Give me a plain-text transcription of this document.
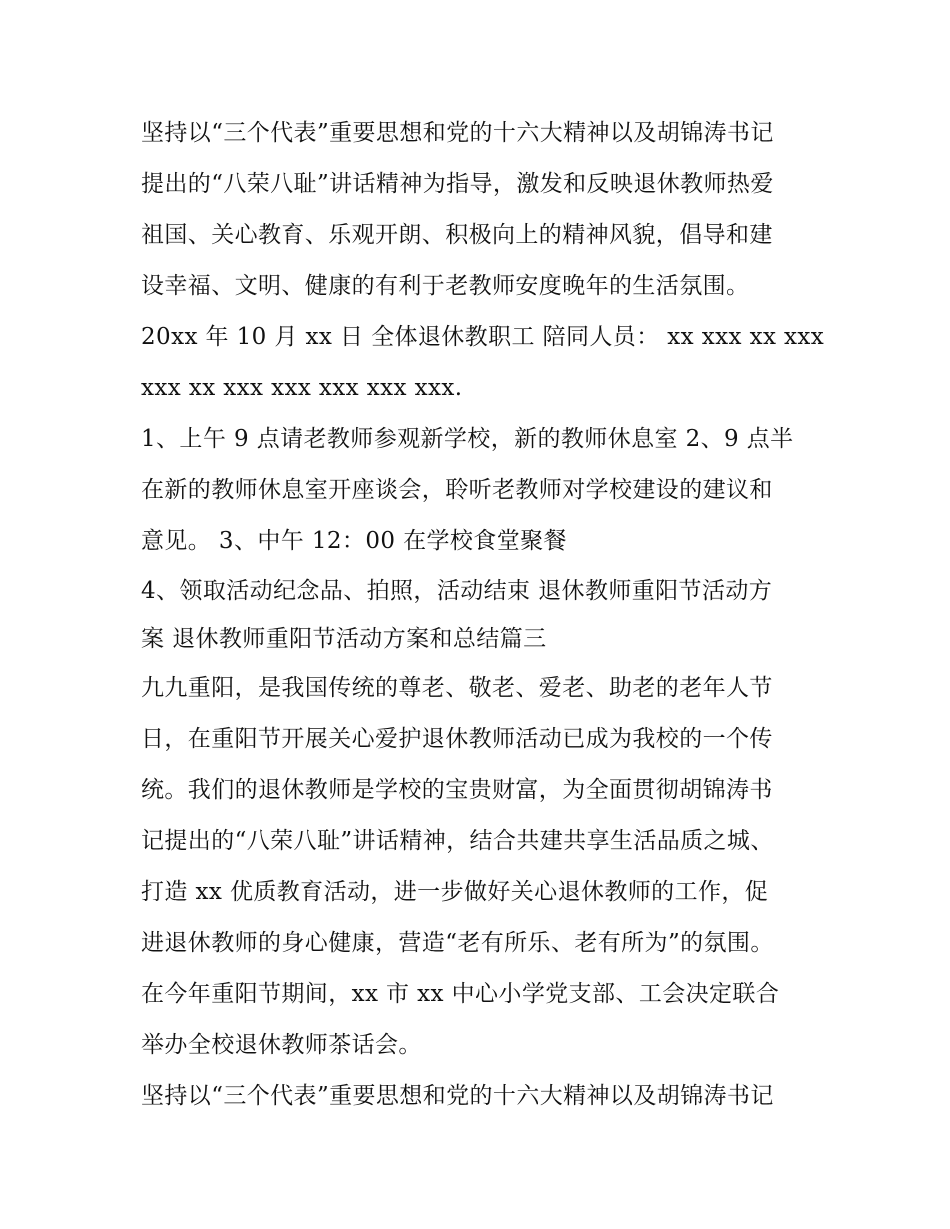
坚持以“三个代表”重要思想和党的十六大精神以及胡锦涛书记
提出的“八荣八耻”讲话精神为指导，激发和反映退休教师热爱
祖国、关心教育、乐观开朗、积极向上的精神风貌，倡导和建
设幸福、文明、健康的有利于老教师安度晚年的生活氛围。
20xx 年 10 月 xx 日 全体退休教职工 陪同人员： xx xxx xx xxx
xxx xx xxx xxx xxx xxx xxx.
1、上午 9 点请老教师参观新学校，新的教师休息室 2、9 点半
在新的教师休息室开座谈会，聆听老教师对学校建设的建议和
意见。 3、中午 12：00 在学校食堂聚餐
4、领取活动纪念品、拍照，活动结束 退休教师重阳节活动方
案 退休教师重阳节活动方案和总结篇三
九九重阳，是我国传统的尊老、敬老、爱老、助老的老年人节
日，在重阳节开展关心爱护退休教师活动已成为我校的一个传
统。我们的退休教师是学校的宝贵财富，为全面贯彻胡锦涛书
记提出的“八荣八耻”讲话精神，结合共建共享生活品质之城、
打造 xx 优质教育活动，进一步做好关心退休教师的工作，促
进退休教师的身心健康，营造“老有所乐、老有所为”的氛围。
在今年重阳节期间，xx 市 xx 中心小学党支部、工会决定联合
举办全校退休教师茶话会。
坚持以“三个代表”重要思想和党的十六大精神以及胡锦涛书记
